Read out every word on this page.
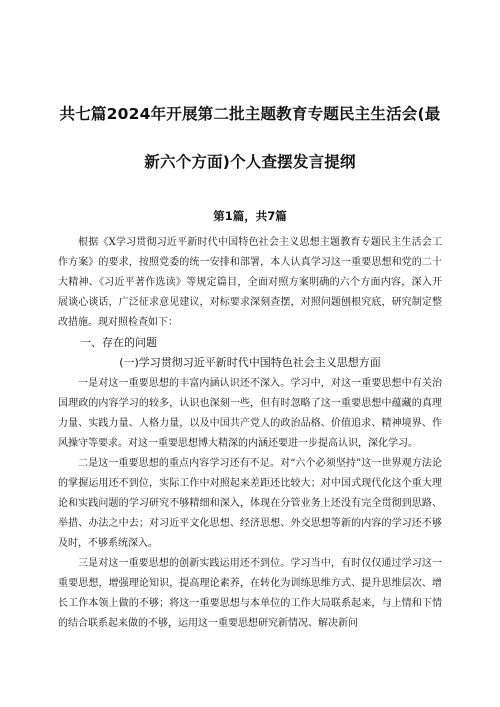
共七篇2024年开展第二批主题教育专题民主生活会(最新六个方面)个人查摆发言提纲
第1篇，共7篇

根据《X学习贯彻习近平新时代中国特色社会主义思想主题教育专题民主生活会工作方案》的要求，按照党委的统一安排和部署，本人认真学习这一重要思想和党的二十大精神、《习近平著作选读》等规定篇目，全面对照方案明确的六个方面内容，深入开展谈心谈话，广泛征求意见建议，对标要求深刻查摆，对照问题刨根究底，研究制定整改措施。现对照检查如下：

一、存在的问题
(一)学习贯彻习近平新时代中国特色社会主义思想方面

一是对这一重要思想的丰富内涵认识还不深入。学习中，对这一重要思想中有关治国理政的内容学习的较多，认识也深刻一些，但有时忽略了这一重要思想中蕴藏的真理力量、实践力量、人格力量，以及中国共产党人的政治品格、价值追求、精神境界、作风操守等要求。对这一重要思想博大精深的内涵还要进一步提高认识，深化学习。

二是这一重要思想的重点内容学习还有不足。对“六个必须坚持”这一世界观方法论的掌握运用还不到位，实际工作中对照起来差距还比较大；对中国式现代化这个重大理论和实践问题的学习研究不够精细和深入，体现在分管业务上还没有完全贯彻到思路、举措、办法之中去；对习近平文化思想、经济思想、外交思想等新的内容的学习还不够及时，不够系统深入。

三是对这一重要思想的创新实践运用还不到位。学习当中，有时仅仅通过学习这一重要思想，增强理论知识，提高理论素养，在转化为训练思维方式、提升思维层次、增长工作本领上做的不够；将这一重要思想与本单位的工作大局联系起来，与上情和下情的结合联系起来做的不够，运用这一重要思想研究新情况、解决新问
